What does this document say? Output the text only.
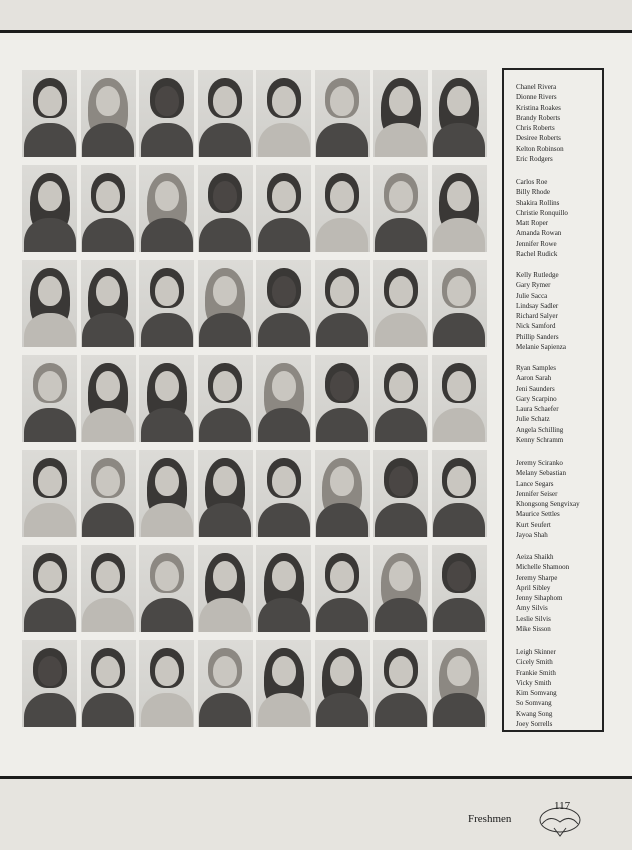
Chanel Rivera
Dionne Rivers
Kristina Roakes
Brandy Roberts
Chris Roberts
Desiree Roberts
Kelton Robinson
Eric Rodgers
Carlos Roe
Billy Rhode
Shakira Rollins
Christie Ronquillo
Matt Roper
Amanda Rowan
Jennifer Rowe
Rachel Rudick
Kelly Rutledge
Gary Rymer
Julie Sacca
Lindsay Sadler
Richard Salyer
Nick Samford
Phillip Sanders
Melanie Sapienza
Ryan Samples
Aaron Sarah
Jeni Saunders
Gary Scarpino
Laura Schaefer
Julie Schatz
Angela Schilling
Kenny Schramm
Jeremy Sciranko
Melany Sebastian
Lance Segars
Jennifer Seiser
Khongsong Sengvixay
Maurice Settles
Kurt Seufert
Jayoa Shah
Aeiza Shaikh
Michelle Shamoon
Jeremy Sharpe
April Sibley
Jenny Sihaphom
Amy Silvis
Leslie Silvis
Mike Sisson
Leigh Skinner
Cicely Smith
Frankie Smith
Vicky Smith
Kim Somvang
So Somvang
Kwang Song
Joey Sorrells
Freshmen
117
